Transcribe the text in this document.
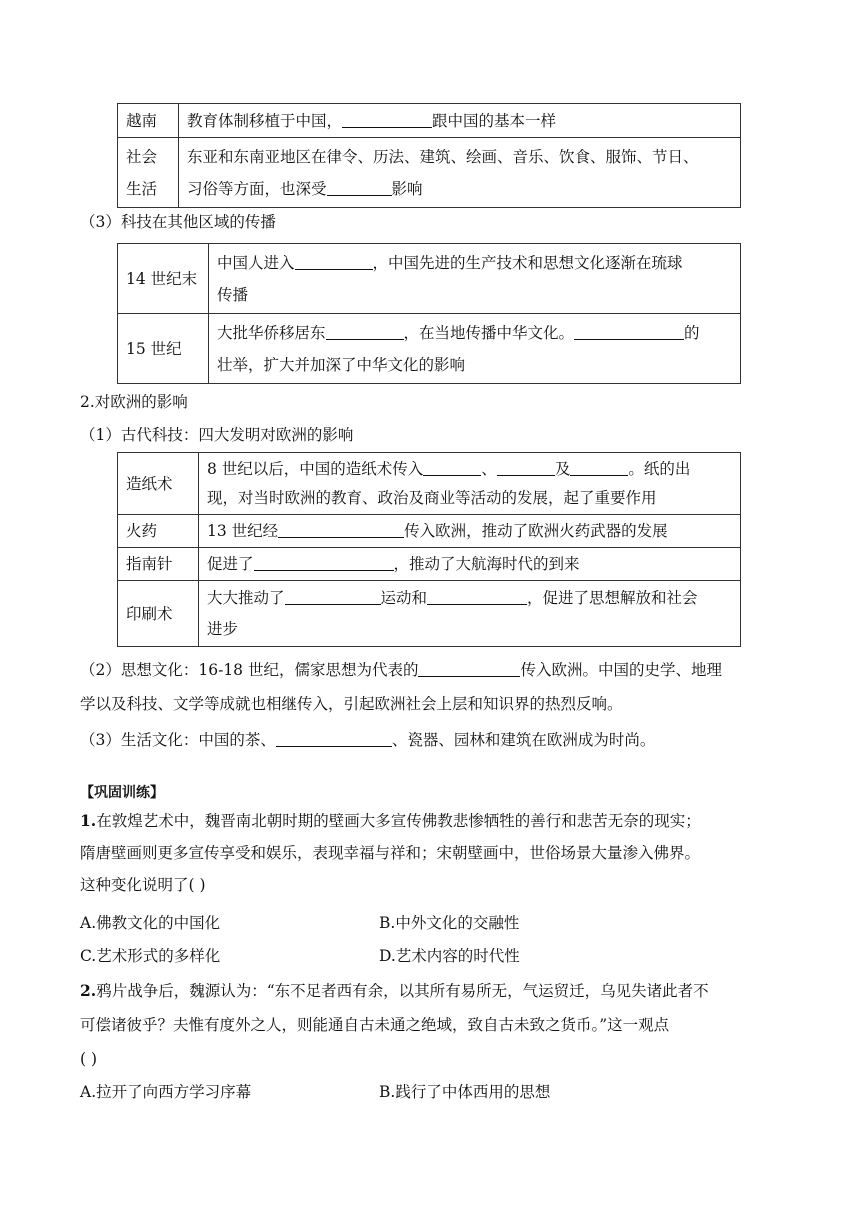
越南	教育体制移植于中国， 跟中国的基本一样
社会
生活	东亚和东南亚地区在律令、历法、建筑、绘画、音乐、饮食、服饰、节日、
习俗等方面，也深受 影响
（3）科技在其他区域的传播
14 世纪末	中国人进入 ，中国先进的生产技术和思想文化逐渐在琉球
传播
15 世纪	大批华侨移居东 ，在当地传播中华文化。 的
壮举，扩大并加深了中华文化的影响
2.对欧洲的影响
（1）古代科技：四大发明对欧洲的影响
造纸术	8 世纪以后，中国的造纸术传入 、 及 。纸的出
现，对当时欧洲的教育、政治及商业等活动的发展，起了重要作用
火药	13 世纪经 传入欧洲，推动了欧洲火药武器的发展
指南针	促进了 ，推动了大航海时代的到来
印刷术	大大推动了 运动和 ，促进了思想解放和社会
进步
（2）思想文化：16-18 世纪，儒家思想为代表的	传入欧洲。中国的史学、地理
学以及科技、文学等成就也相继传入，引起欧洲社会上层和知识界的热烈反响。
（3）生活文化：中国的茶、	、瓷器、园林和建筑在欧洲成为时尚。
【巩固训练】
1.在敦煌艺术中，魏晋南北朝时期的壁画大多宣传佛教悲惨牺牲的善行和悲苦无奈的现实；
隋唐壁画则更多宣传享受和娱乐，表现幸福与祥和；宋朝壁画中，世俗场景大量渗入佛界。
这种变化说明了( )
A.佛教文化的中国化	B.中外文化的交融性
C.艺术形式的多样化	D.艺术内容的时代性
2.鸦片战争后，魏源认为：“东不足者西有余，以其所有易所无，气运贸迁，乌见失诸此者不
可偿诸彼乎？夫惟有度外之人，则能通自古未通之绝域，致自古未致之货币。”这一观点
( )
A.拉开了向西方学习序幕	B.践行了中体西用的思想
